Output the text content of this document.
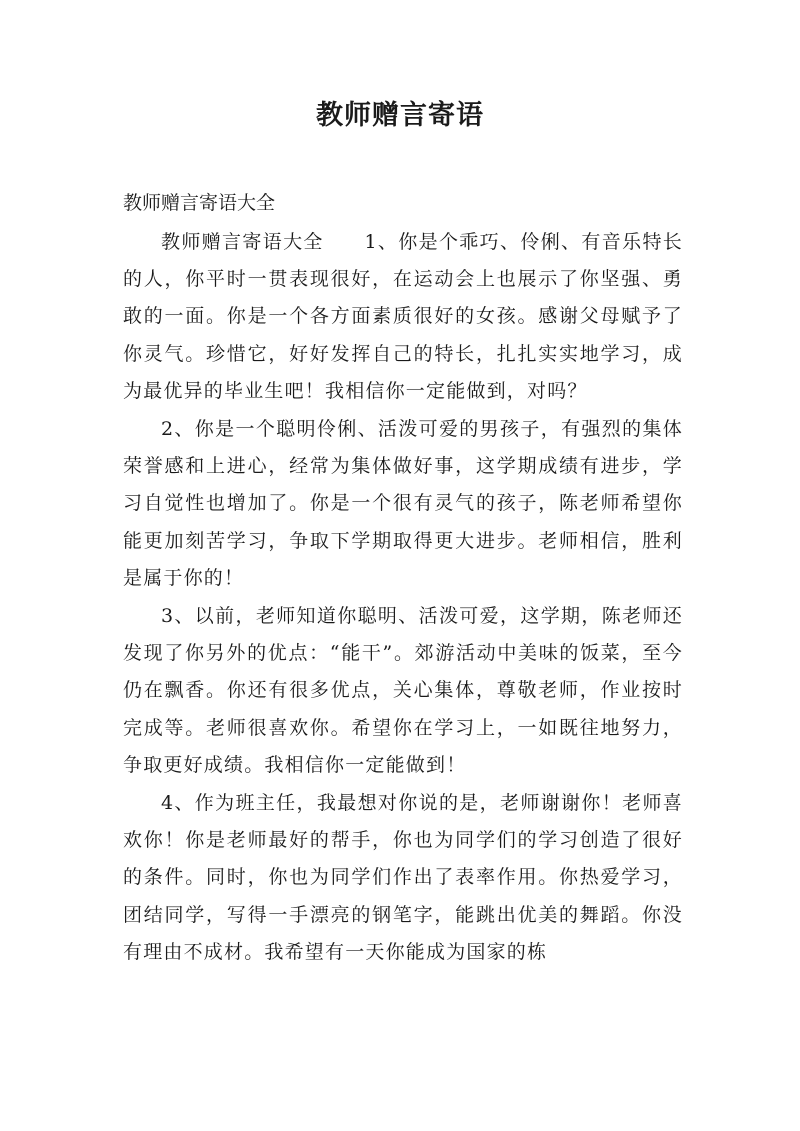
教师赠言寄语

教师赠言寄语大全

教师赠言寄语大全　　1、你是个乖巧、伶俐、有音乐特长的人，你平时一贯表现很好，在运动会上也展示了你坚强、勇敢的一面。你是一个各方面素质很好的女孩。感谢父母赋予了你灵气。珍惜它，好好发挥自己的特长，扎扎实实地学习，成为最优异的毕业生吧！我相信你一定能做到，对吗？

2、你是一个聪明伶俐、活泼可爱的男孩子，有强烈的集体荣誉感和上进心，经常为集体做好事，这学期成绩有进步，学习自觉性也增加了。你是一个很有灵气的孩子，陈老师希望你能更加刻苦学习，争取下学期取得更大进步。老师相信，胜利是属于你的！

3、以前，老师知道你聪明、活泼可爱，这学期，陈老师还发现了你另外的优点：“能干”。郊游活动中美味的饭菜，至今仍在飘香。你还有很多优点，关心集体，尊敬老师，作业按时完成等。老师很喜欢你。希望你在学习上，一如既往地努力，争取更好成绩。我相信你一定能做到！

4、作为班主任，我最想对你说的是，老师谢谢你！老师喜欢你！你是老师最好的帮手，你也为同学们的学习创造了很好的条件。同时，你也为同学们作出了表率作用。你热爱学习，团结同学，写得一手漂亮的钢笔字，能跳出优美的舞蹈。你没有理由不成材。我希望有一天你能成为国家的栋
